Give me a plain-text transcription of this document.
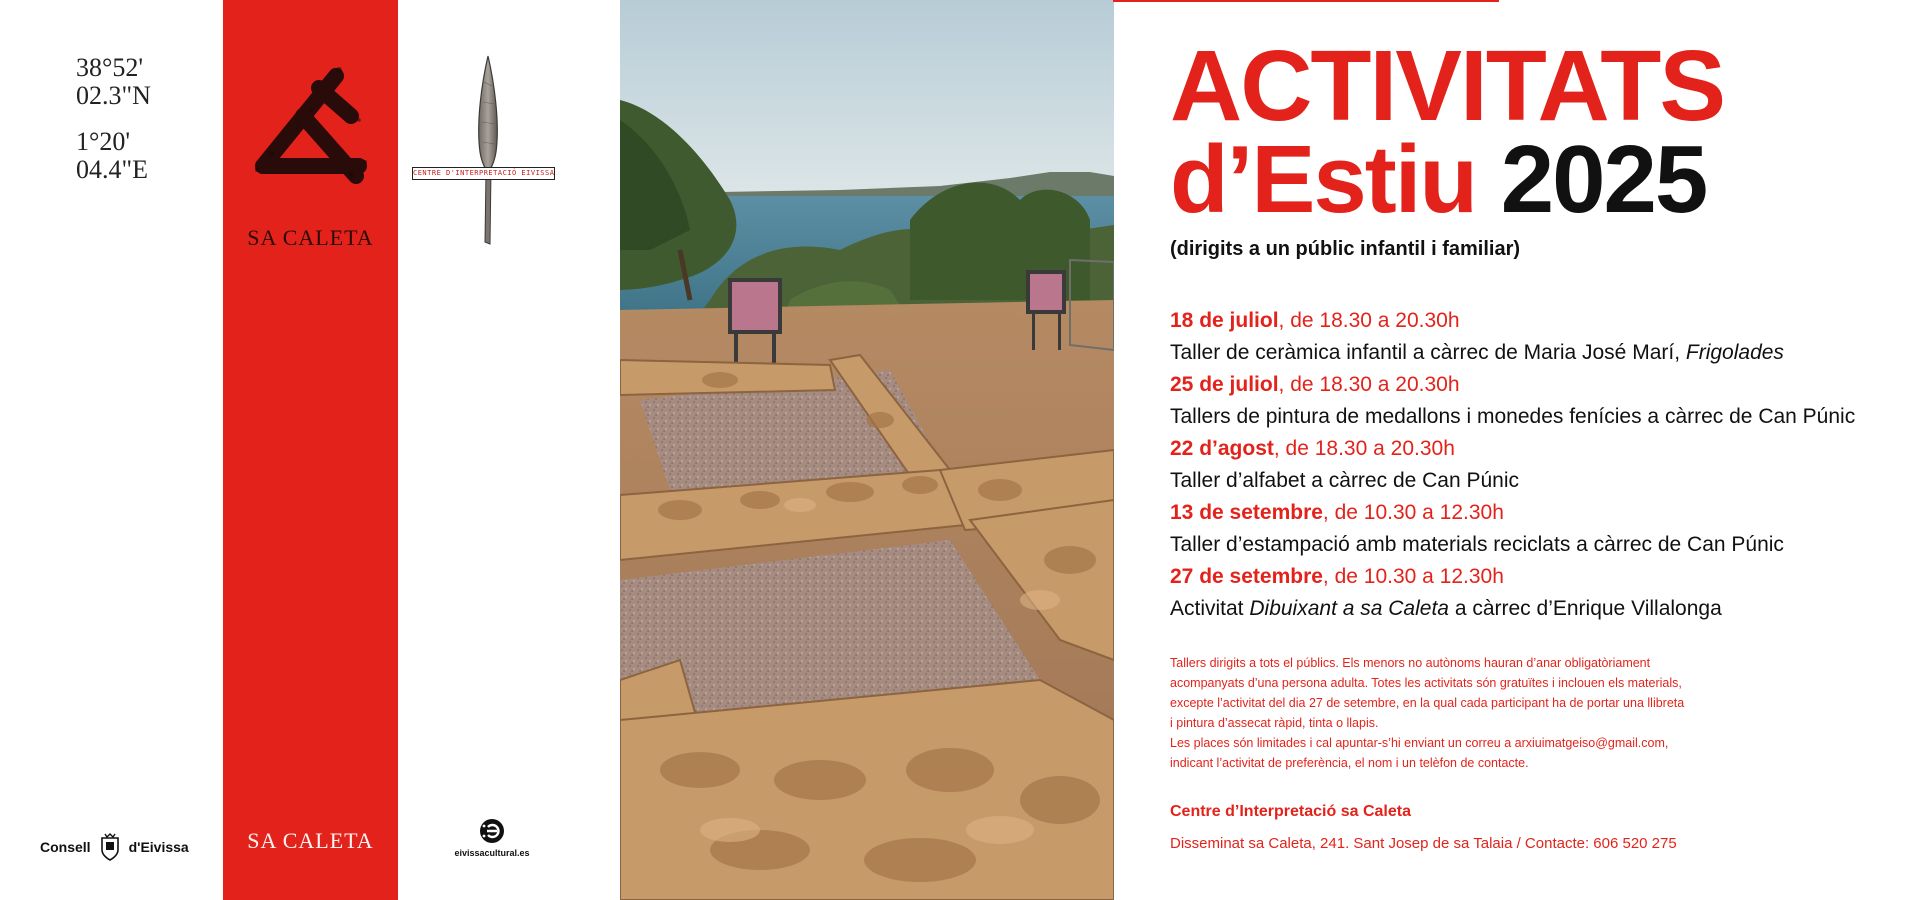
38°52'
02.3"N
1°20'
04.4"E
SA CALETA
SA CALETA
CENTRE D'INTERPRETACIÓ EIVISSA
Consell	d'Eivissa	eivissacultural.es
ACTIVITATS
d’Estiu 2025
(dirigits a un públic infantil i familiar)
18 de juliol, de 18.30 a 20.30h
Taller de ceràmica infantil a càrrec de Maria José Marí, Frigolades
25 de juliol, de 18.30 a 20.30h
Tallers de pintura de medallons i monedes fenícies a càrrec de Can Púnic
22 d’agost, de 18.30 a 20.30h
Taller d’alfabet a càrrec de Can Púnic
13 de setembre, de 10.30 a 12.30h
Taller d’estampació amb materials reciclats a càrrec de Can Púnic
27 de setembre, de 10.30 a 12.30h
Activitat Dibuixant a sa Caleta a càrrec d’Enrique Villalonga

Tallers dirigits a tots el públics. Els menors no autònoms hauran d’anar obligatòriament acompanyats d’una persona adulta. Totes les activitats són gratuïtes i inclouen els materials, excepte l’activitat del dia 27 de setembre, en la qual cada participant ha de portar una llibreta i pintura d’assecat ràpid, tinta o llapis.

Les places són limitades i cal apuntar-s’hi enviant un correu a arxiuimatgeiso@gmail.com, indicant l’activitat de preferència, el nom i un telèfon de contacte.

Centre d’Interpretació sa Caleta
Disseminat sa Caleta, 241. Sant Josep de sa Talaia / Contacte: 606 520 275
